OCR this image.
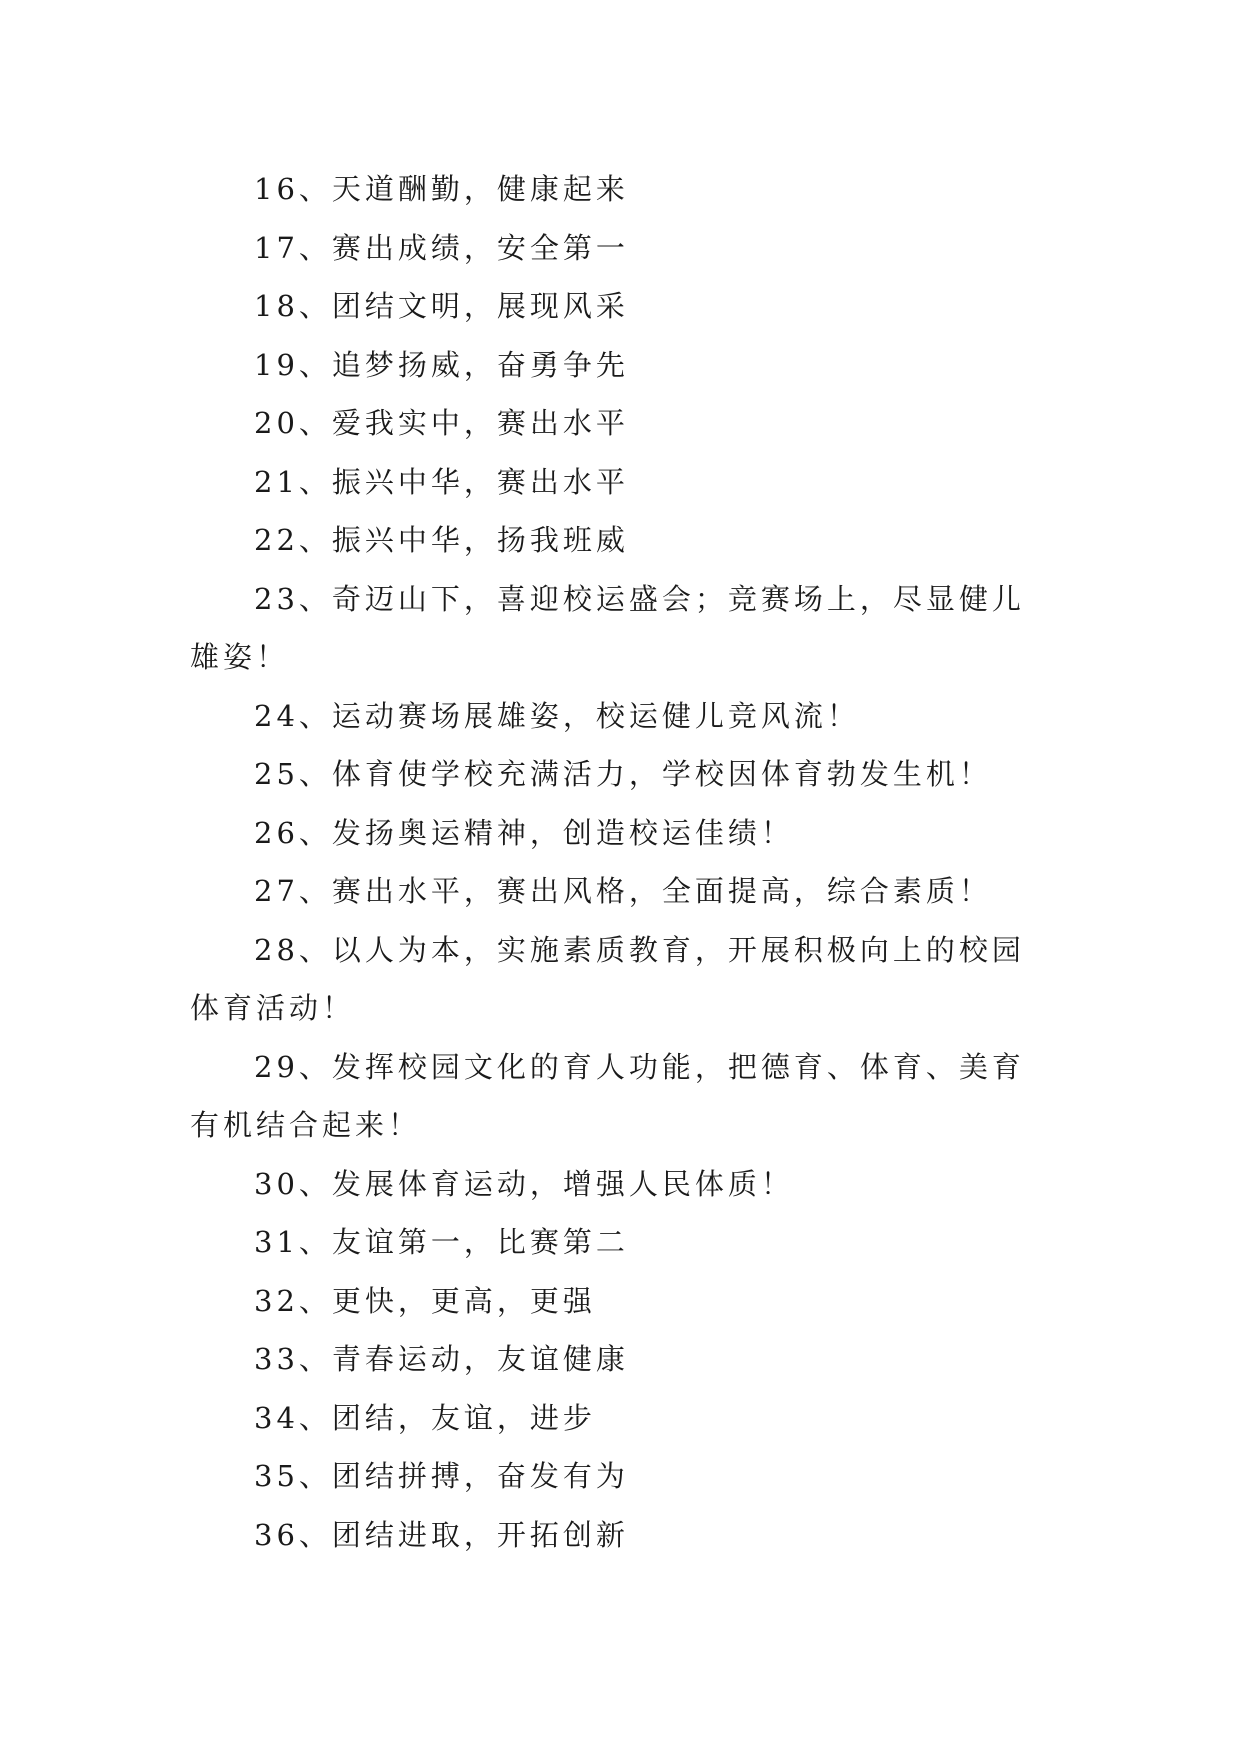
16、天道酬勤，健康起来

17、赛出成绩，安全第一

18、团结文明，展现风采

19、追梦扬威，奋勇争先

20、爱我实中，赛出水平

21、振兴中华，赛出水平

22、振兴中华，扬我班威

23、奇迈山下，喜迎校运盛会；竞赛场上，尽显健儿雄姿！

24、运动赛场展雄姿，校运健儿竞风流！

25、体育使学校充满活力，学校因体育勃发生机！

26、发扬奥运精神，创造校运佳绩！

27、赛出水平，赛出风格，全面提高，综合素质！

28、以人为本，实施素质教育，开展积极向上的校园体育活动！

29、发挥校园文化的育人功能，把德育、体育、美育有机结合起来！

30、发展体育运动，增强人民体质！

31、友谊第一，比赛第二

32、更快，更高，更强

33、青春运动，友谊健康

34、团结，友谊，进步

35、团结拼搏，奋发有为

36、团结进取，开拓创新
